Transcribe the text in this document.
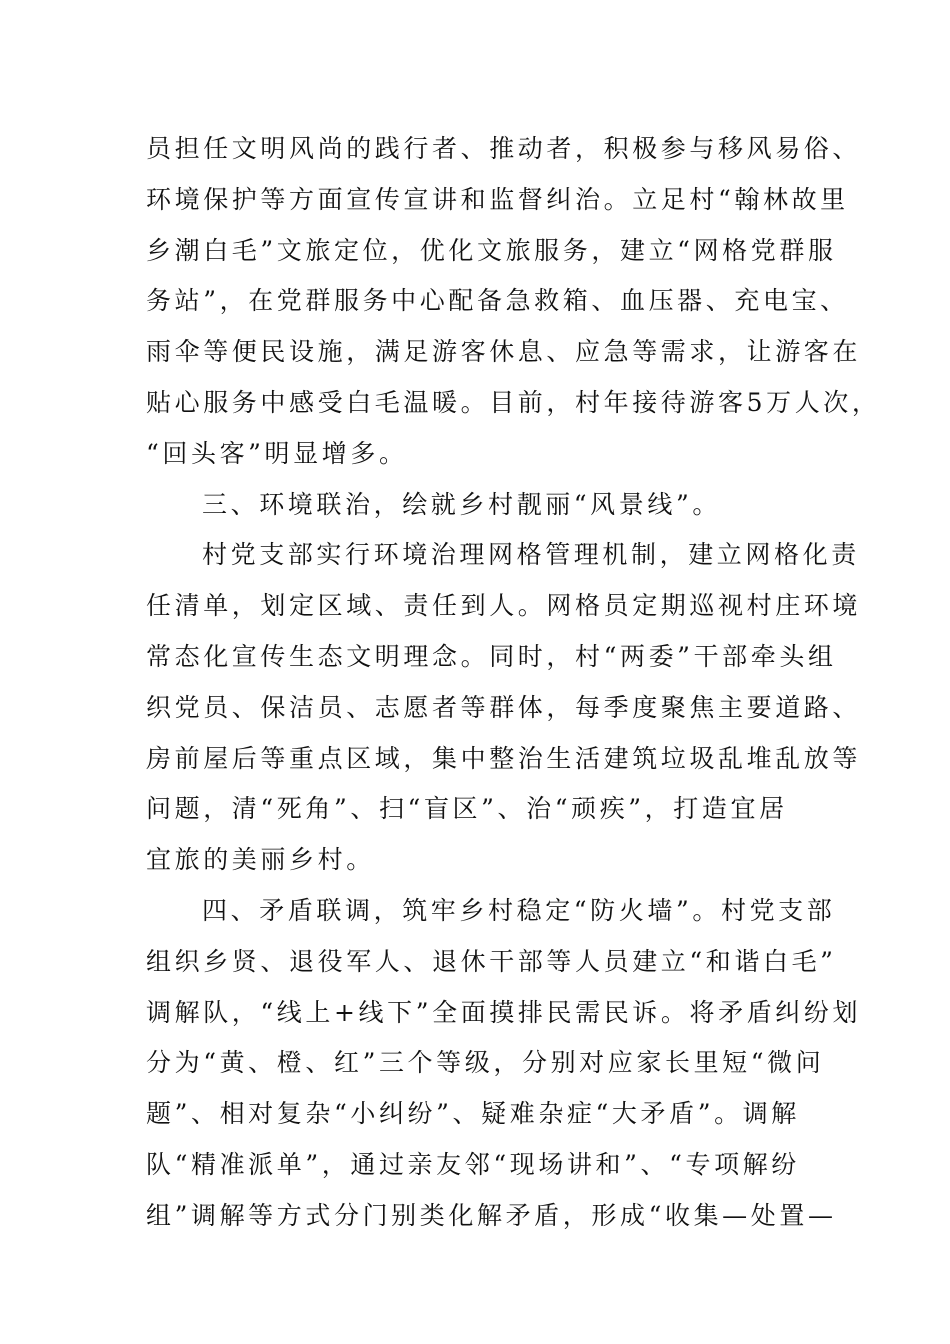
员担任文明风尚的践行者、推动者，积极参与移风易俗、
环境保护等方面宣传宣讲和监督纠治。立足村“翰林故里
乡潮白毛”文旅定位，优化文旅服务，建立“网格党群服
务站”，在党群服务中心配备急救箱、血压器、充电宝、
雨伞等便民设施，满足游客休息、应急等需求，让游客在
贴心服务中感受白毛温暖。目前，村年接待游客5万人次，
“回头客”明显增多。
三、环境联治，绘就乡村靓丽“风景线”。
村党支部实行环境治理网格管理机制，建立网格化责
任清单，划定区域、责任到人。网格员定期巡视村庄环境
常态化宣传生态文明理念。同时，村“两委”干部牵头组
织党员、保洁员、志愿者等群体，每季度聚焦主要道路、
房前屋后等重点区域，集中整治生活建筑垃圾乱堆乱放等
问题，清“死角”、扫“盲区”、治“顽疾”，打造宜居
宜旅的美丽乡村。
四、矛盾联调，筑牢乡村稳定“防火墙”。村党支部
组织乡贤、退役军人、退休干部等人员建立“和谐白毛”
调解队，“线上+线下”全面摸排民需民诉。将矛盾纠纷划
分为“黄、橙、红”三个等级，分别对应家长里短“微问
题”、相对复杂“小纠纷”、疑难杂症“大矛盾”。调解
队“精准派单”，通过亲友邻“现场讲和”、“专项解纷
组”调解等方式分门别类化解矛盾，形成“收集—处置—
